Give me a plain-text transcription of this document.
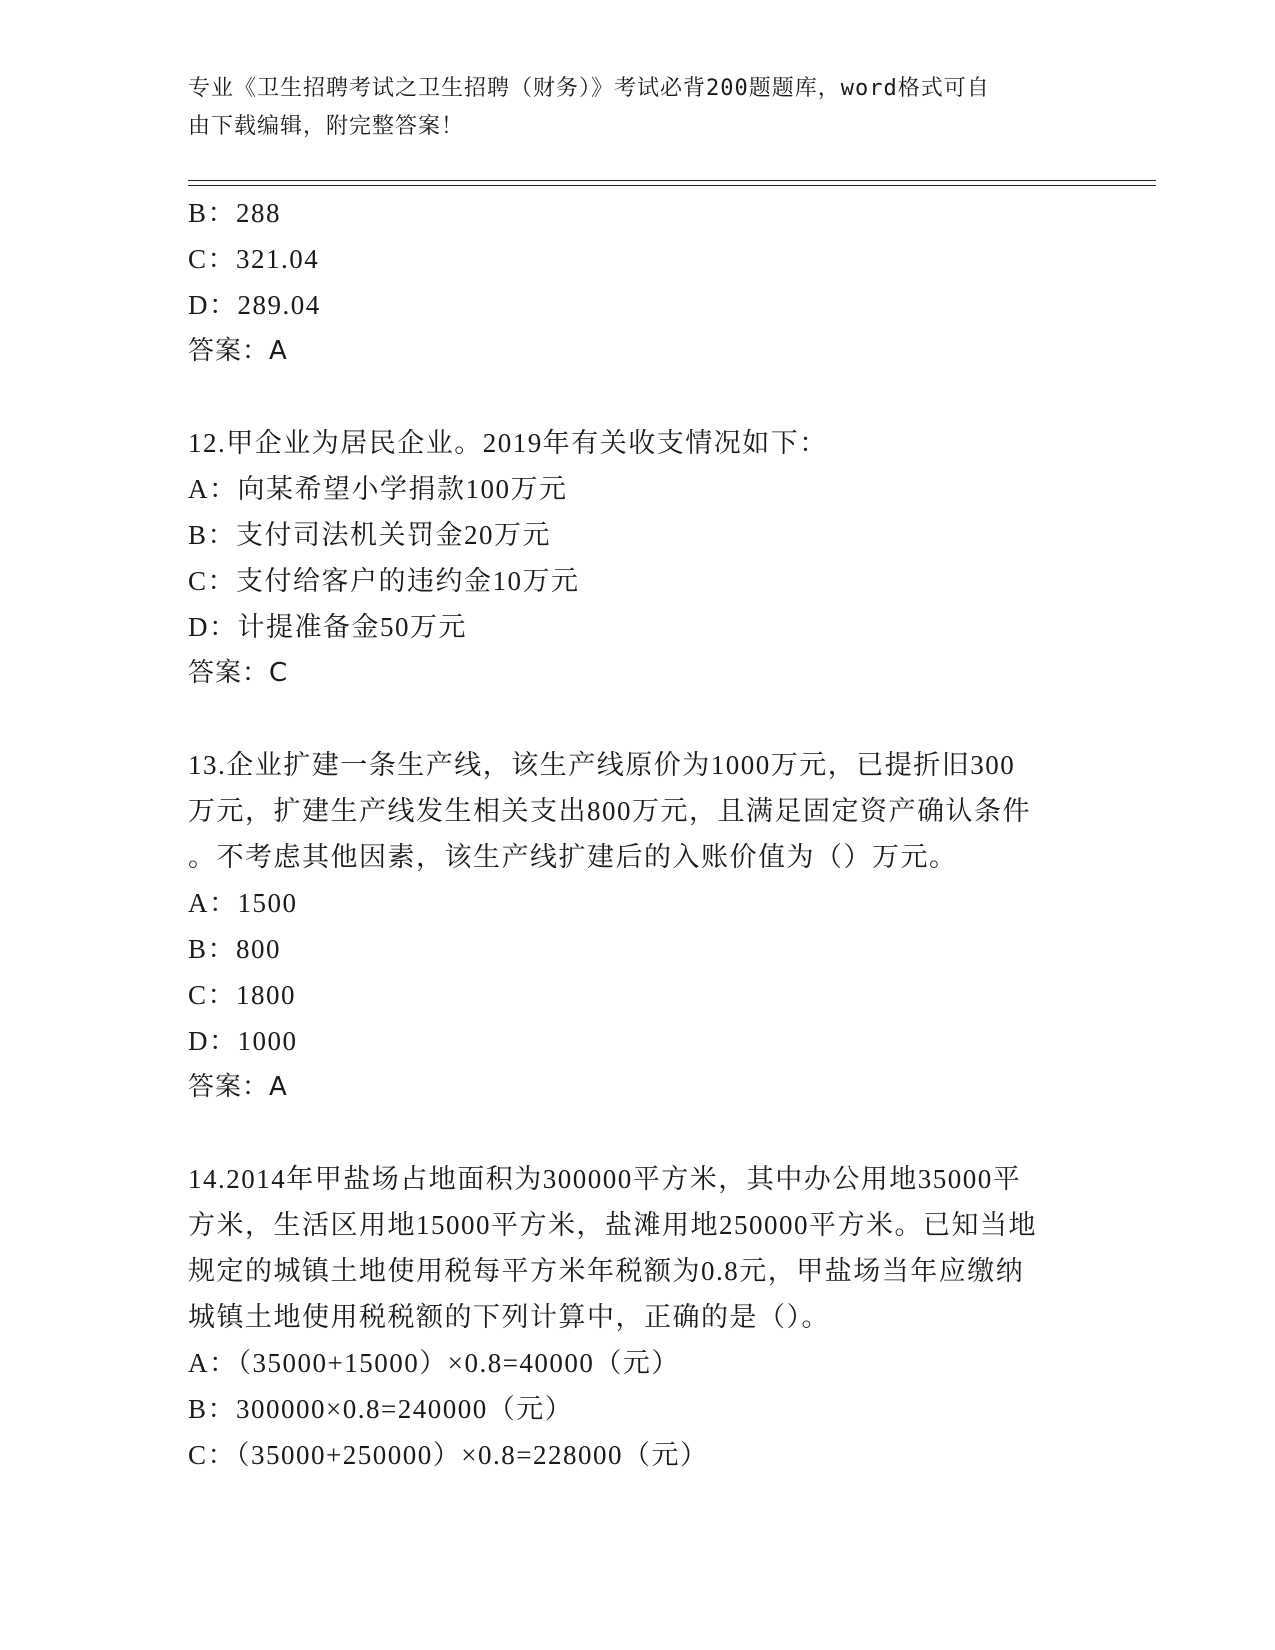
专业《卫生招聘考试之卫生招聘（财务）》考试必背200题题库，word格式可自
由下载编辑，附完整答案！
B：288
C：321.04
D：289.04
答案：A
12.甲企业为居民企业。2019年有关收支情况如下：
A：向某希望小学捐款100万元
B：支付司法机关罚金20万元
C：支付给客户的违约金10万元
D：计提准备金50万元
答案：C
13.企业扩建一条生产线，该生产线原价为1000万元，已提折旧300
万元，扩建生产线发生相关支出800万元，且满足固定资产确认条件
。不考虑其他因素，该生产线扩建后的入账价值为（）万元。
A：1500
B：800
C：1800
D：1000
答案：A
14.2014年甲盐场占地面积为300000平方米，其中办公用地35000平
方米，生活区用地15000平方米，盐滩用地250000平方米。已知当地
规定的城镇土地使用税每平方米年税额为0.8元，甲盐场当年应缴纳
城镇土地使用税税额的下列计算中，正确的是（）。
A：（35000+15000）×0.8=40000（元）
B：300000×0.8=240000（元）
C：（35000+250000）×0.8=228000（元）
